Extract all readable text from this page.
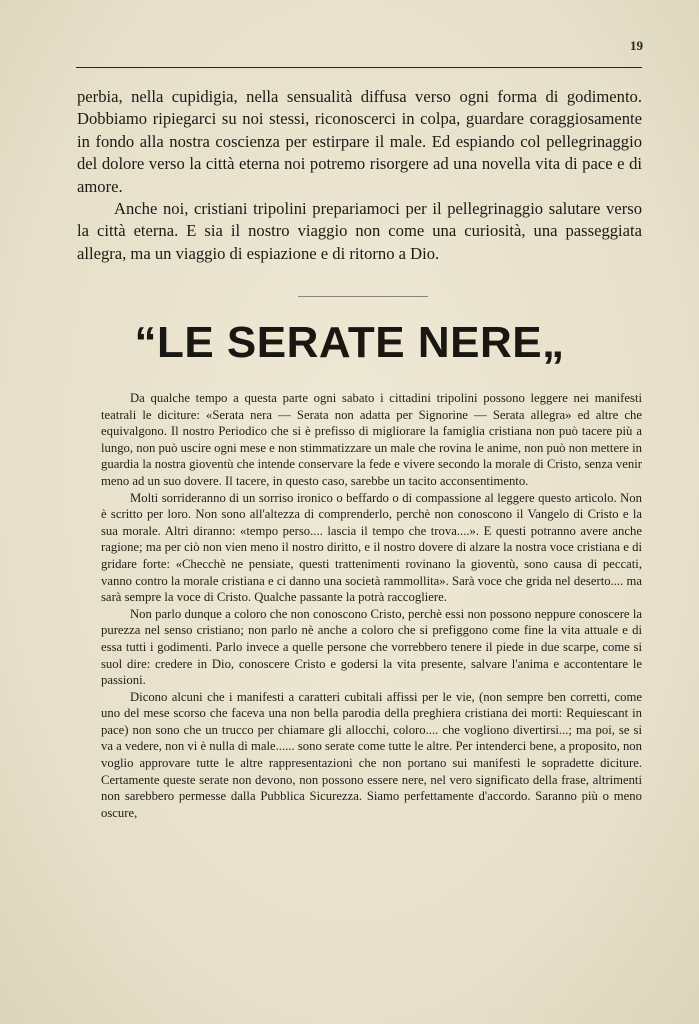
19

perbia, nella cupidigia, nella sensualità diffusa verso ogni forma di godimento. Dobbiamo ripiegarci su noi stessi, riconoscerci in colpa, guardare coraggiosamente in fondo alla nostra coscienza per estirpare il male. Ed espiando col pellegrinaggio del dolore verso la città eterna noi potremo risorgere ad una novella vita di pace e di amore.

Anche noi, cristiani tripolini prepariamoci per il pellegrinaggio salutare verso la città eterna. E sia il nostro viaggio non come una curiosità, una passeggiata allegra, ma un viaggio di espiazione e di ritorno a Dio.

“LE SERATE NERE„

Da qualche tempo a questa parte ogni sabato i cittadini tripolini possono leggere nei manifesti teatrali le diciture: «Serata nera — Serata non adatta per Signorine — Serata allegra» ed altre che equivalgono. Il nostro Periodico che si è prefisso di migliorare la famiglia cristiana non può tacere più a lungo, non può uscire ogni mese e non stimmatizzare un male che rovina le anime, non può non mettere in guardia la nostra gioventù che intende conservare la fede e vivere secondo la morale di Cristo, senza venir meno ad un suo dovere. Il tacere, in questo caso, sarebbe un tacito acconsentimento.

Molti sorrideranno di un sorriso ironico o beffardo o di compassione al leggere questo articolo. Non è scritto per loro. Non sono all'altezza di comprenderlo, perchè non conoscono il Vangelo di Cristo e la sua morale. Altri diranno: «tempo perso.... lascia il tempo che trova....». E questi potranno avere anche ragione; ma per ciò non vien meno il nostro diritto, e il nostro dovere di alzare la nostra voce cristiana e di gridare forte: «Checchè ne pensiate, questi trattenimenti rovinano la gioventù, sono causa di peccati, vanno contro la morale cristiana e ci danno una società rammollita». Sarà voce che grida nel deserto.... ma sarà sempre la voce di Cristo. Qualche passante la potrà raccogliere.

Non parlo dunque a coloro che non conoscono Cristo, perchè essi non possono neppure conoscere la purezza nel senso cristiano; non parlo nè anche a coloro che si prefiggono come fine la vita attuale e di essa tutti i godimenti. Parlo invece a quelle persone che vorrebbero tenere il piede in due scarpe, come si suol dire: credere in Dio, conoscere Cristo e godersi la vita presente, salvare l'anima e accontentare le passioni.

Dicono alcuni che i manifesti a caratteri cubitali affissi per le vie, (non sempre ben corretti, come uno del mese scorso che faceva una non bella parodia della preghiera cristiana dei morti: Requiescant in pace) non sono che un trucco per chiamare gli allocchi, coloro.... che vogliono divertirsi...; ma poi, se si va a vedere, non vi è nulla di male...... sono serate come tutte le altre. Per intenderci bene, a proposito, non voglio approvare tutte le altre rappresentazioni che non portano sui manifesti le sopradette diciture. Certamente queste serate non devono, non possono essere nere, nel vero significato della frase, altrimenti non sarebbero permesse dalla Pubblica Sicurezza. Siamo perfettamente d'accordo. Saranno più o meno oscure,
